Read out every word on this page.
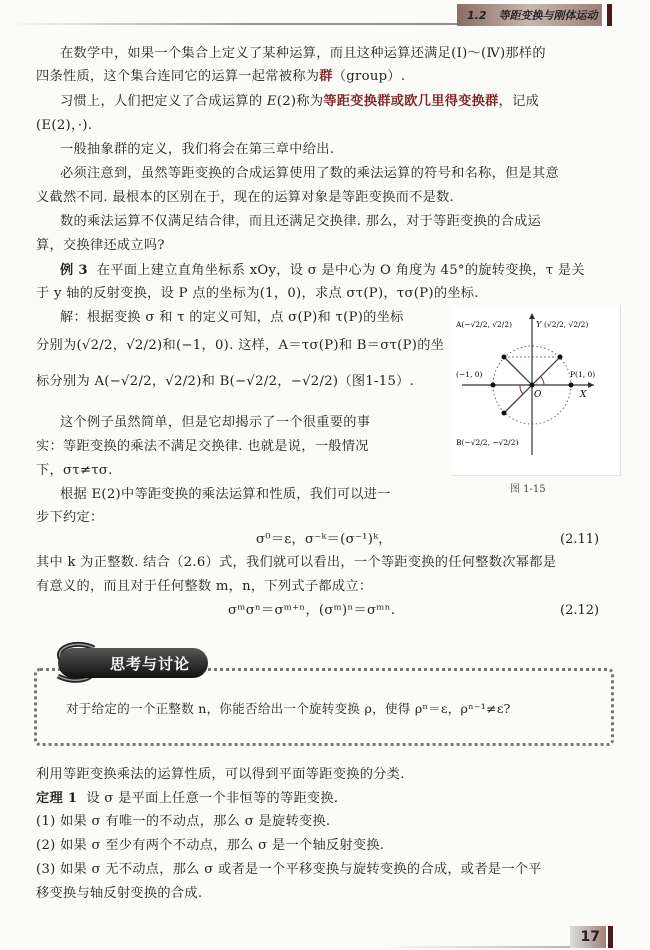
1.2 等距变换与刚体运动
在数学中，如果一个集合上定义了某种运算，而且这种运算还满足(Ⅰ)～(Ⅳ)那样的
四条性质，这个集合连同它的运算一起常被称为群（group）.
习惯上，人们把定义了合成运算的 E(2)称为等距变换群或欧几里得变换群，记成
(E(2)，·).
一般抽象群的定义，我们将会在第三章中给出.
必须注意到，虽然等距变换的合成运算使用了数的乘法运算的符号和名称，但是其意
义截然不同. 最根本的区别在于，现在的运算对象是等距变换而不是数.
数的乘法运算不仅满足结合律，而且还满足交换律. 那么，对于等距变换的合成运
算，交换律还成立吗?
例 3 在平面上建立直角坐标系 xOy，设 σ 是中心为 O 角度为 45°的旋转变换，τ 是关
于 y 轴的反射变换，设 P 点的坐标为(1，0)，求点 στ(P)，τσ(P)的坐标.
解：根据变换 σ 和 τ 的定义可知，点 σ(P)和 τ(P)的坐标
分别为(√2/2，√2/2)和(−1，0). 这样，A＝τσ(P)和 B＝στ(P)的坐
标分别为 A(−√2/2，√2/2)和 B(−√2/2，−√2/2)（图1-15）.
这个例子虽然简单，但是它却揭示了一个很重要的事
实：等距变换的乘法不满足交换律. 也就是说，一般情况
下，στ≠τσ.
根据 E(2)中等距变换的乘法运算和性质，我们可以进一
步下约定：
O	X
Y
A(−√2/2, √2/2)	(√2/2, √2/2)
(−1, 0)	P(1, 0)
B(−√2/2, −√2/2)
图 1-15
σ⁰＝ε，σ⁻ᵏ＝(σ⁻¹)ᵏ，	(2.11)
其中 k 为正整数. 结合（2.6）式，我们就可以看出，一个等距变换的任何整数次幂都是
有意义的，而且对于任何整数 m，n，下列式子都成立：
σᵐσⁿ＝σᵐ⁺ⁿ，(σᵐ)ⁿ＝σᵐⁿ.	(2.12)
思考与讨论
对于给定的一个正整数 n，你能否给出一个旋转变换 ρ，使得 ρⁿ＝ε，ρⁿ⁻¹≠ε?
利用等距变换乘法的运算性质，可以得到平面等距变换的分类.
定理 1 设 σ 是平面上任意一个非恒等的等距变换.
(1) 如果 σ 有唯一的不动点，那么 σ 是旋转变换.
(2) 如果 σ 至少有两个不动点，那么 σ 是一个轴反射变换.
(3) 如果 σ 无不动点，那么 σ 或者是一个平移变换与旋转变换的合成，或者是一个平
移变换与轴反射变换的合成.
17
